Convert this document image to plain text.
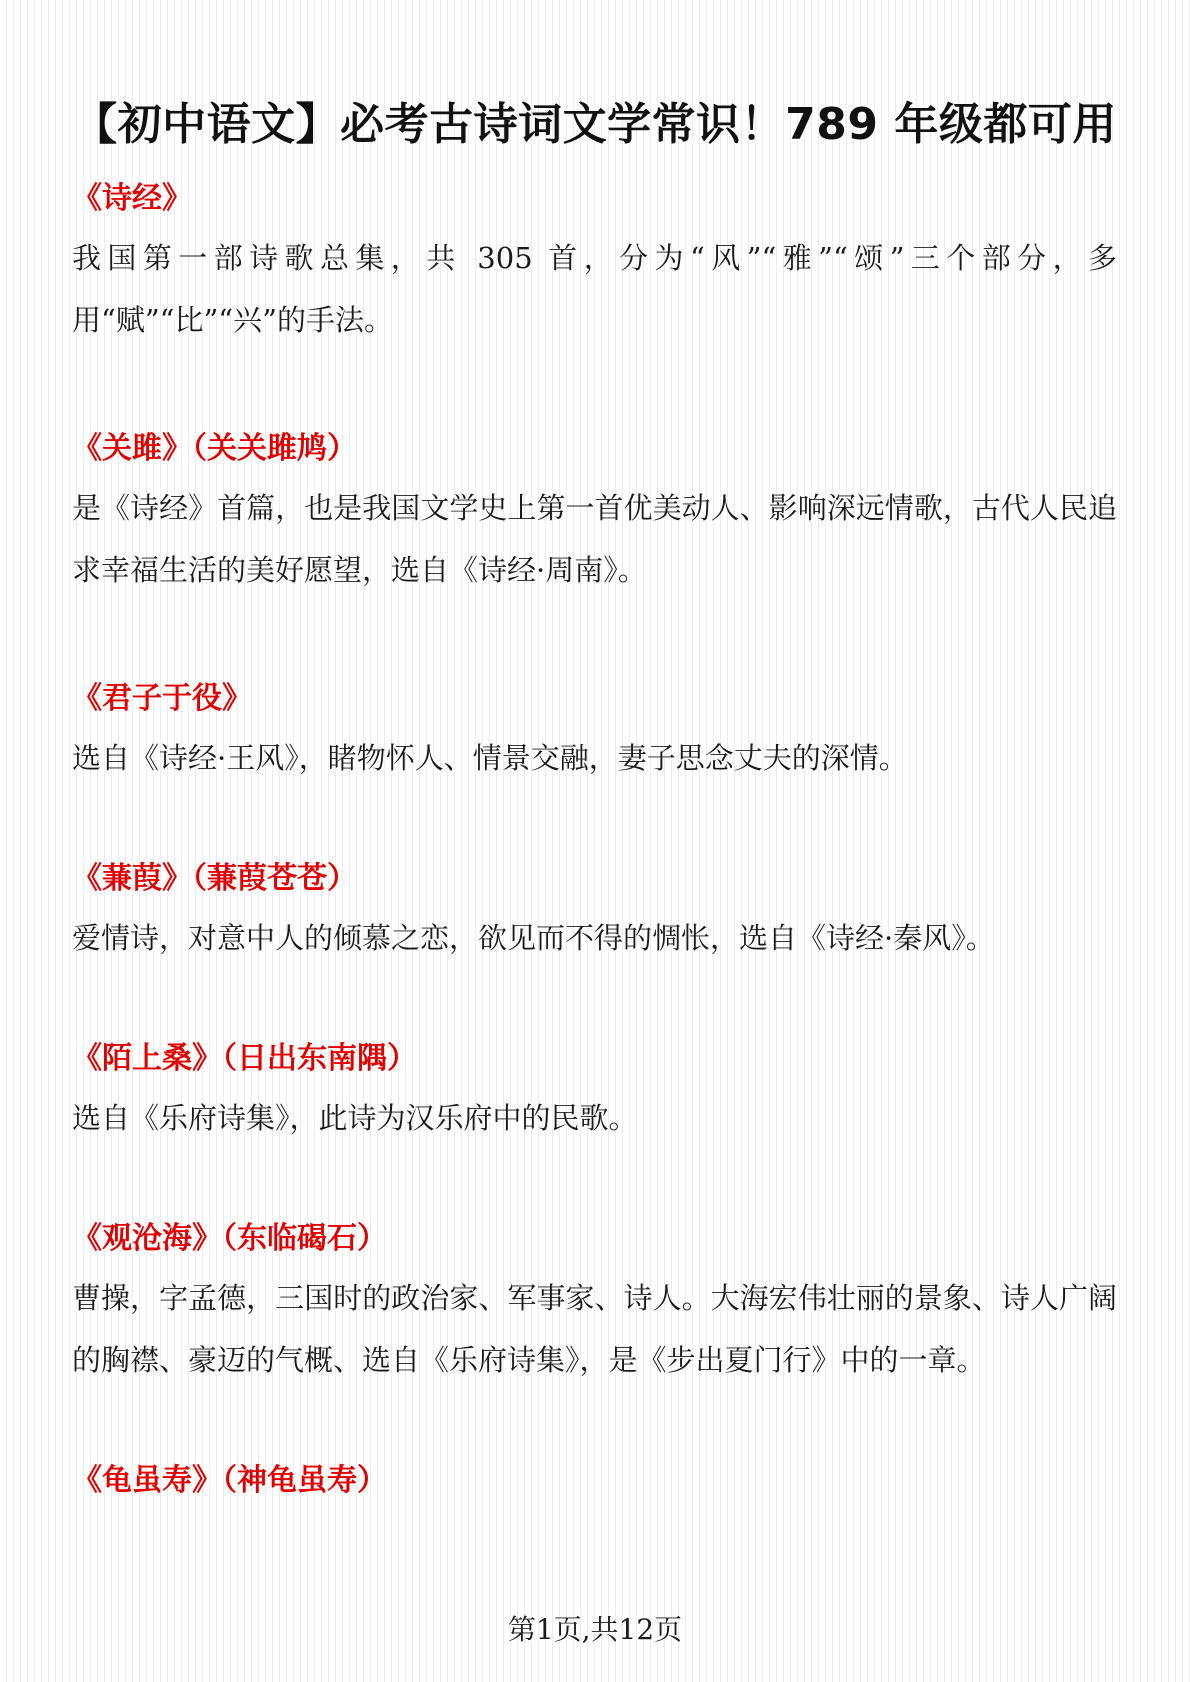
【初中语文】必考古诗词文学常识！789 年级都可用
《诗经》

我国第一部诗歌总集，共 305 首，分为“风”“雅”“颂”三个部分，多用“赋”“比”“兴”的手法。

《关雎》（关关雎鸠）

是《诗经》首篇，也是我国文学史上第一首优美动人、影响深远情歌，古代人民追求幸福生活的美好愿望，选自《诗经·周南》。

《君子于役》

选自《诗经·王风》，睹物怀人、情景交融，妻子思念丈夫的深情。

《蒹葭》（蒹葭苍苍）

爱情诗，对意中人的倾慕之恋，欲见而不得的惆怅，选自《诗经·秦风》。

《陌上桑》（日出东南隅）

选自《乐府诗集》，此诗为汉乐府中的民歌。

《观沧海》（东临碣石）

曹操，字孟德，三国时的政治家、军事家、诗人。大海宏伟壮丽的景象、诗人广阔的胸襟、豪迈的气概、选自《乐府诗集》，是《步出夏门行》中的一章。

《龟虽寿》（神龟虽寿）
第1页,共12页
